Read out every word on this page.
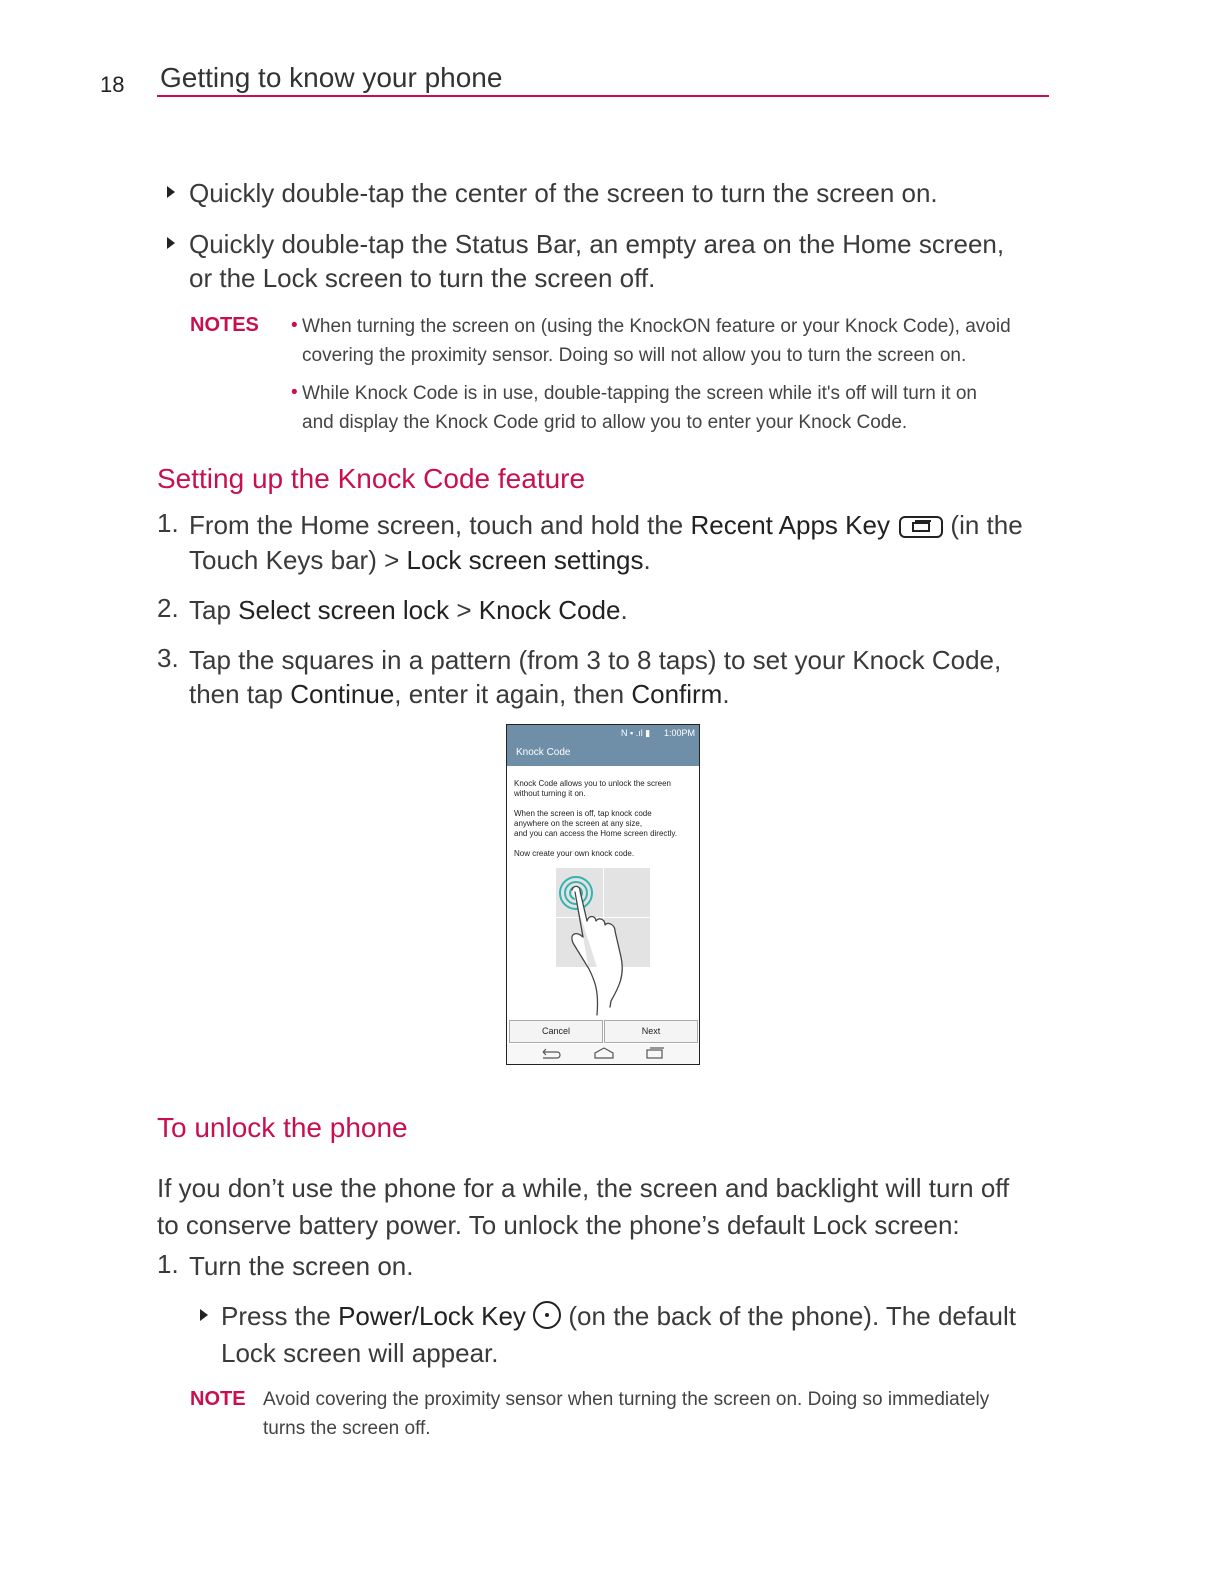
18 Getting to know your phone
Quickly double-tap the center of the screen to turn the screen on.
Quickly double-tap the Status Bar, an empty area on the Home screen,
or the Lock screen to turn the screen off.
NOTES • When turning the screen on (using the KnockON feature or your Knock Code), avoid
covering the proximity sensor. Doing so will not allow you to turn the screen on.
• While Knock Code is in use, double-tapping the screen while it's off will turn it on
and display the Knock Code grid to allow you to enter your Knock Code.
Setting up the Knock Code feature
1. From the Home screen, touch and hold the Recent Apps Key
(in the
Touch Keys bar) > Lock screen settings.
2. Tap Select screen lock > Knock Code.
3. Tap the squares in a pattern (from 3 to 8 taps) to set your Knock Code,
then tap Continue, enter it again, then Confirm.
N ▪ .ıl ▮ 1:00PM
Knock Code
Knock Code allows you to unlock the screen
without turning it on.
When the screen is off, tap knock code
anywhere on the screen at any size,
and you can access the Home screen directly.
Now create your own knock code.
Cancel	Next
To unlock the phone
If you don’t use the phone for a while, the screen and backlight will turn off
to conserve battery power. To unlock the phone’s default Lock screen:
1. Turn the screen on.
Press the Power/Lock Key
(on the back of the phone). The default
Lock screen will appear.
NOTE Avoid covering the proximity sensor when turning the screen on. Doing so immediately
turns the screen off.
